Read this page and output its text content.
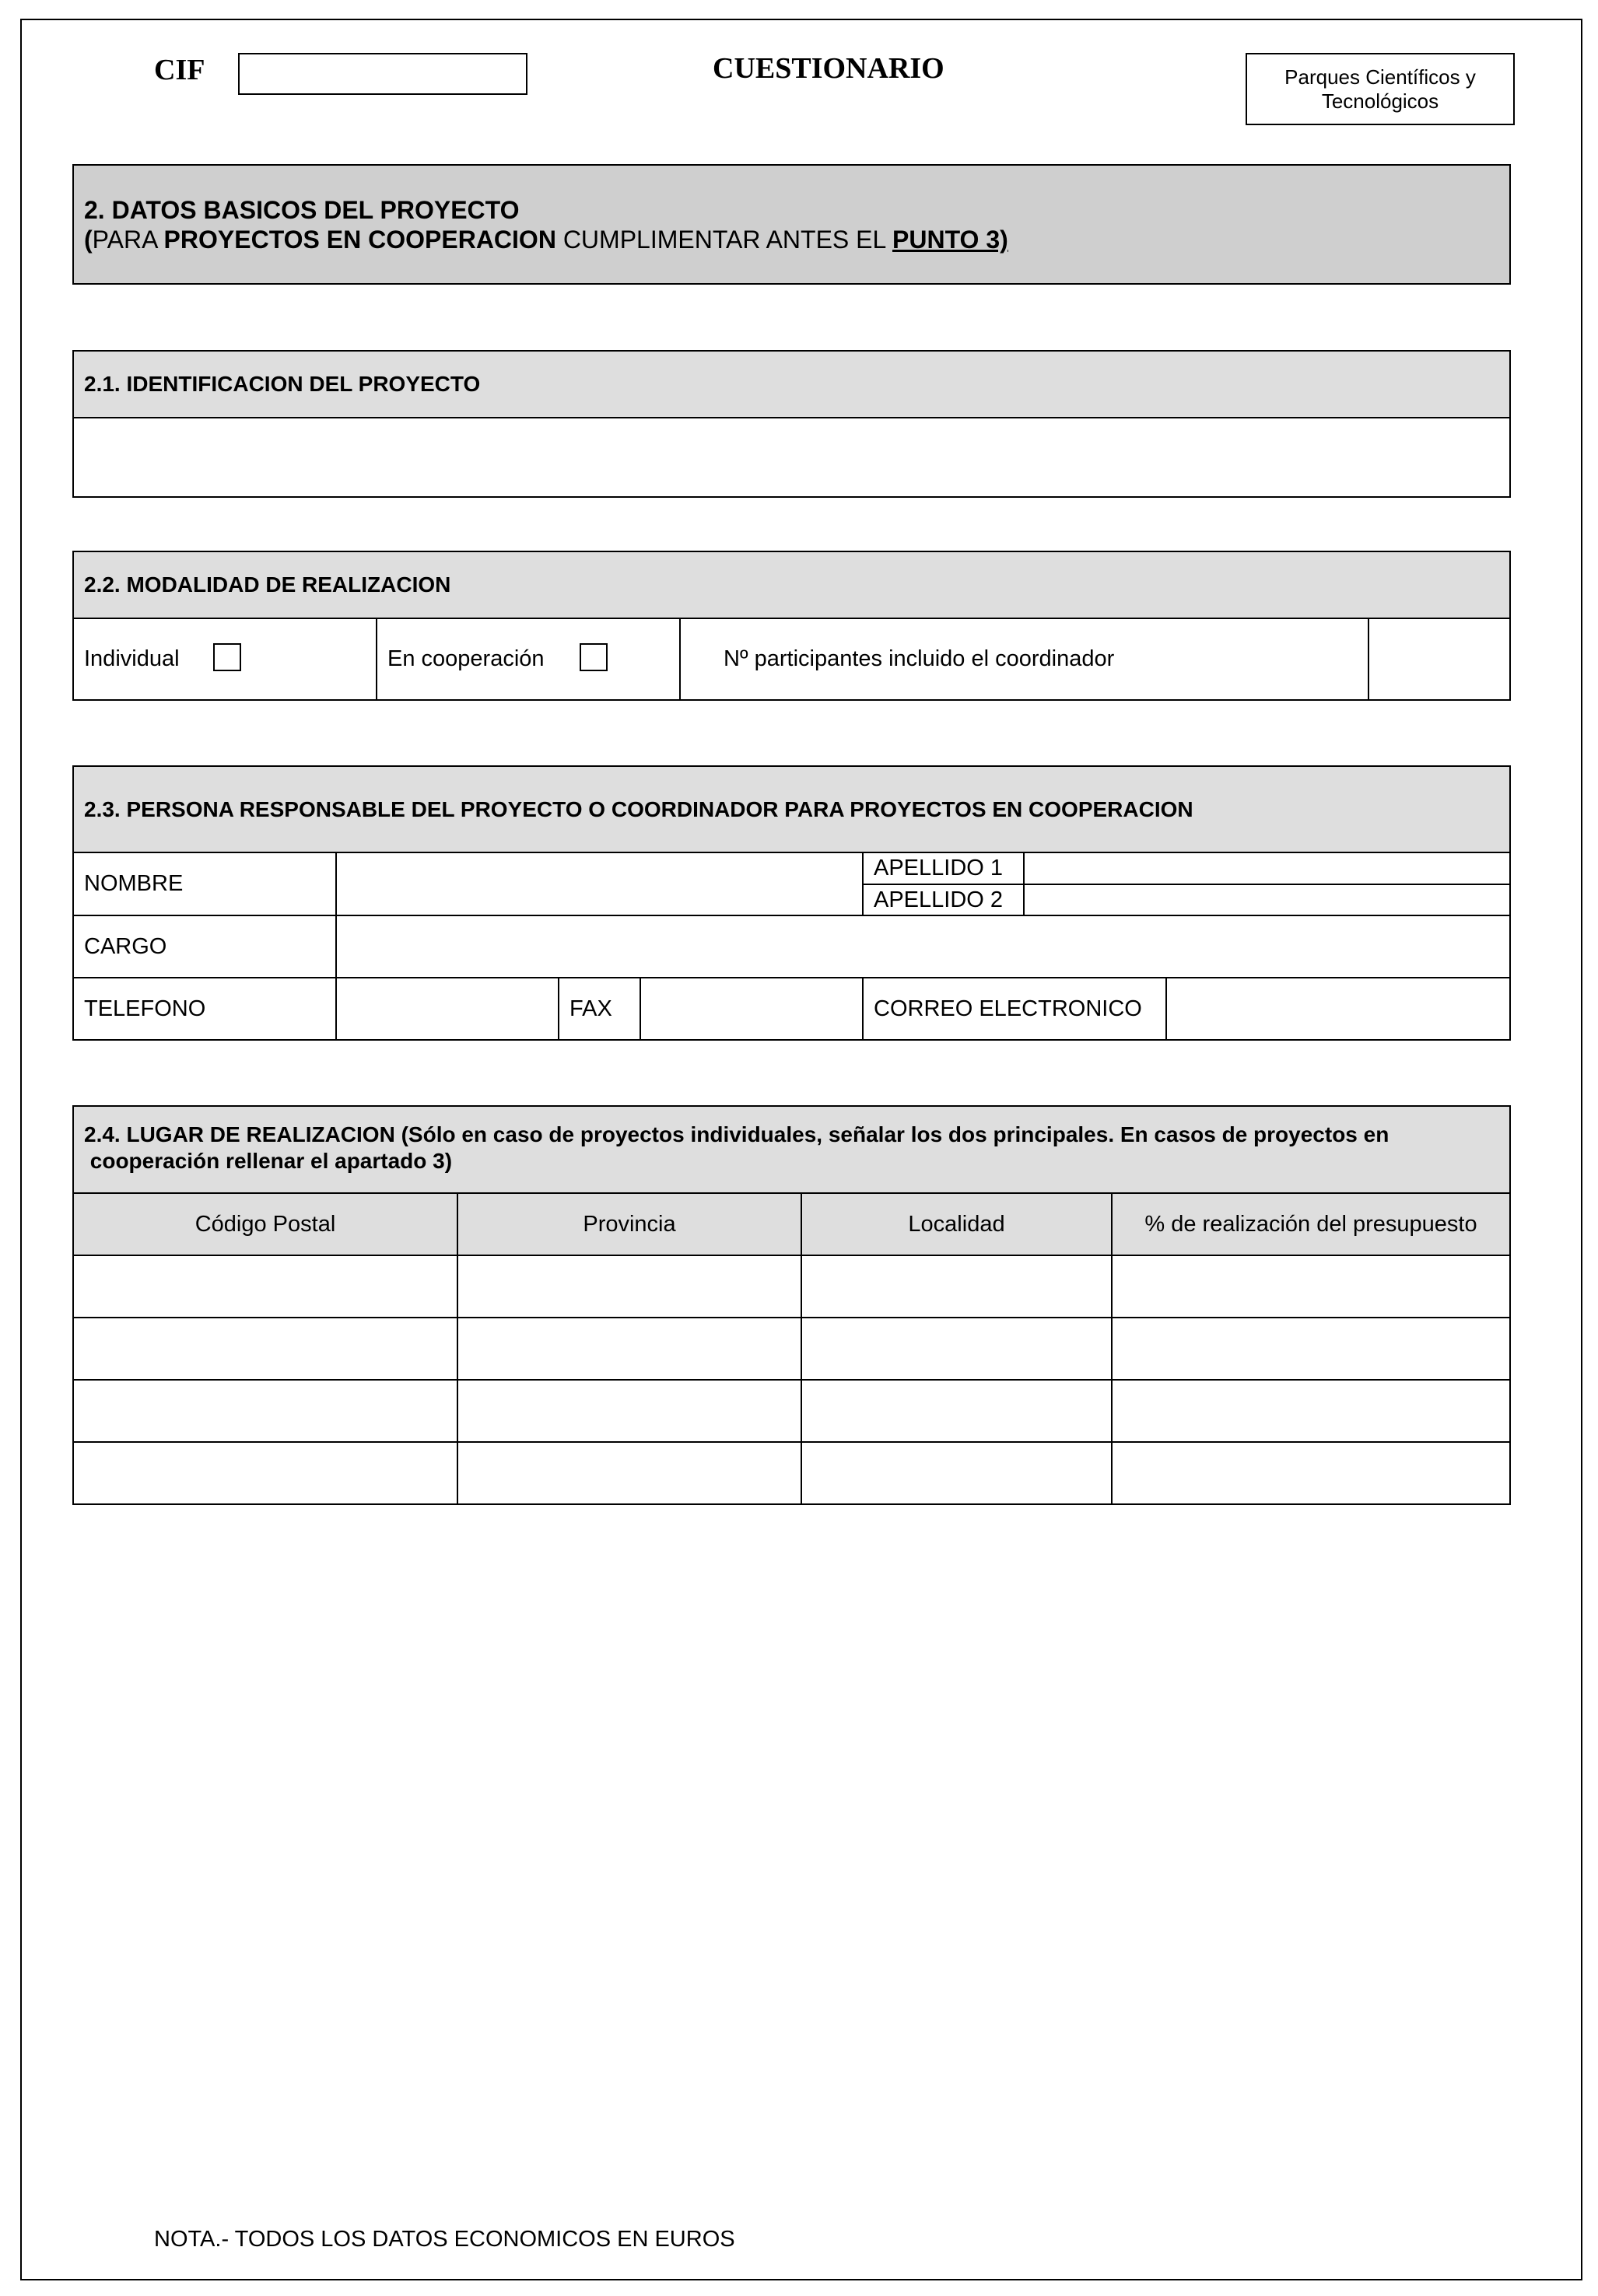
CIF	CUESTIONARIO	Parques Científicos y
Tecnológicos
2. DATOS BASICOS DEL PROYECTO
(PARA PROYECTOS EN COOPERACION CUMPLIMENTAR ANTES EL PUNTO 3)
2.1. IDENTIFICACION DEL PROYECTO
2.2. MODALIDAD DE REALIZACION
Individual	En cooperación	Nº participantes incluido el coordinador
2.3. PERSONA RESPONSABLE DEL PROYECTO O COORDINADOR PARA PROYECTOS EN COOPERACION
NOMBRE
APELLIDO 1
APELLIDO 2
CARGO
TELEFONO	FAX	CORREO ELECTRONICO
2.4. LUGAR DE REALIZACION (Sólo en caso de proyectos individuales, señalar los dos principales. En casos de proyectos en
cooperación rellenar el apartado 3)
Código Postal	Provincia	Localidad	% de realización del presupuesto
NOTA.- TODOS LOS DATOS ECONOMICOS EN EUROS
